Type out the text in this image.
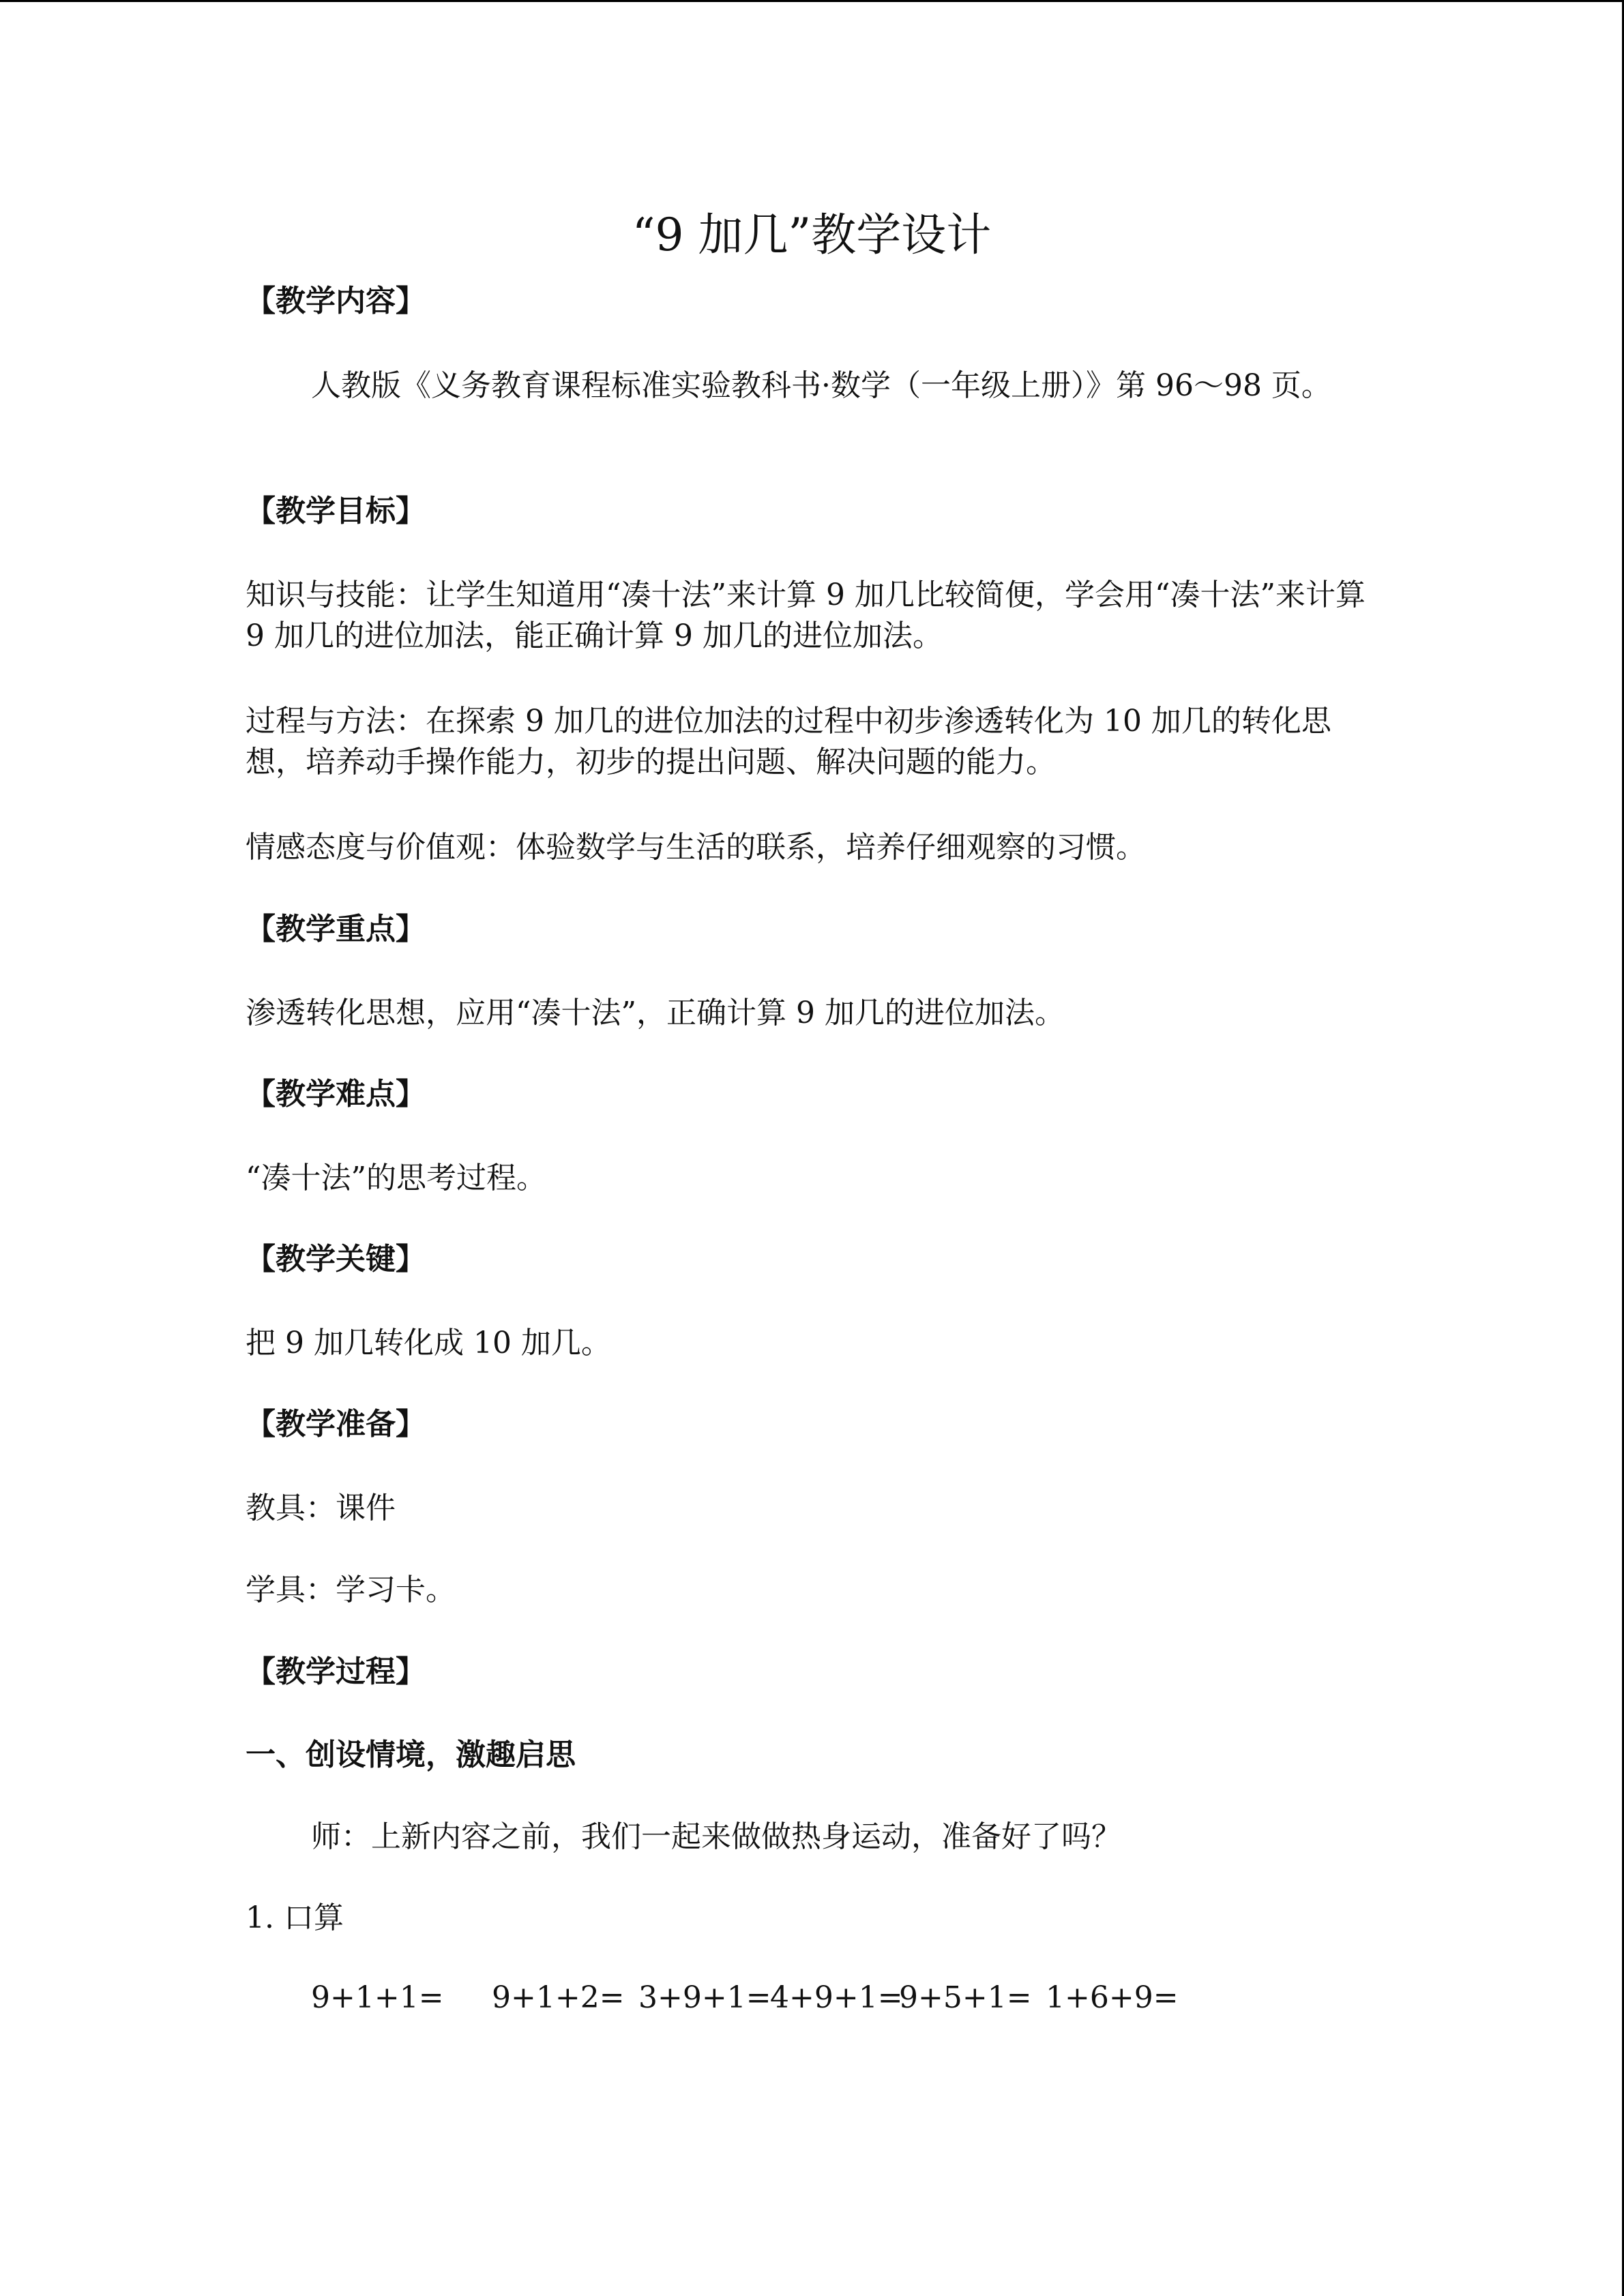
“9 加几”教学设计
【教学内容】

人教版《义务教育课程标准实验教科书·数学（一年级上册）》第 96～98 页。

【教学目标】

知识与技能：让学生知道用“凑十法”来计算 9 加几比较简便，学会用“凑十法”来计算 9 加几的进位加法，能正确计算 9 加几的进位加法。

过程与方法：在探索 9 加几的进位加法的过程中初步渗透转化为 10 加几的转化思想，培养动手操作能力，初步的提出问题、解决问题的能力。

情感态度与价值观：体验数学与生活的联系，培养仔细观察的习惯。

【教学重点】

渗透转化思想，应用“凑十法”，正确计算 9 加几的进位加法。

【教学难点】

“凑十法”的思考过程。

【教学关键】

把 9 加几转化成 10 加几。

【教学准备】

教具：课件

学具：学习卡。

【教学过程】
一、创设情境，激趣启思

师：上新内容之前，我们一起来做做热身运动，准备好了吗？

1. 口算

9+1+1= 9+1+2= 3+9+1=
4+9+1=
9+5+1= 1+6+9=
